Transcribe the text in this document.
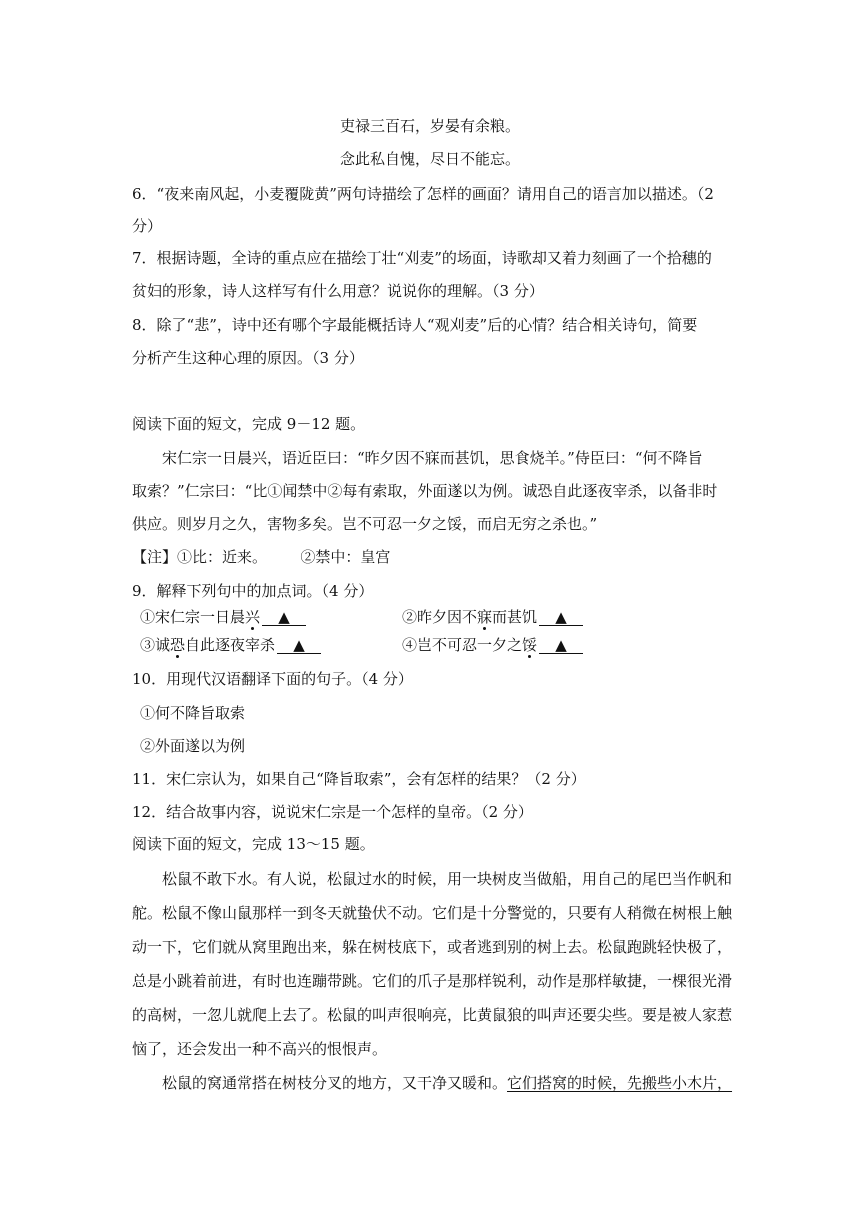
吏禄三百石，岁晏有余粮。
念此私自愧，尽日不能忘。
6．“夜来南风起，小麦覆陇黄”两句诗描绘了怎样的画面？请用自己的语言加以描述。（2
分）
7．根据诗题，全诗的重点应在描绘丁壮“刈麦”的场面，诗歌却又着力刻画了一个拾穗的
贫妇的形象，诗人这样写有什么用意？说说你的理解。（3 分）
8．除了“悲”，诗中还有哪个字最能概括诗人“观刈麦”后的心情？结合相关诗句，简要
分析产生这种心理的原因。（3 分）
阅读下面的短文，完成 9－12 题。
宋仁宗一日晨兴，语近臣曰：“昨夕因不寐而甚饥，思食烧羊。”侍臣曰：“何不降旨
取索？”仁宗曰：“比①闻禁中②每有索取，外面遂以为例。诚恐自此逐夜宰杀，以备非时
供应。则岁月之久，害物多矣。岂不可忍一夕之馁，而启无穷之杀也。”
【注】①比：近来。       ②禁中：皇宫
9．解释下列句中的加点词。（4 分）
①宋仁宗一日晨兴 ▲	②昨夕因不寐而甚饥 ▲
③诚恐自此逐夜宰杀 ▲	④岂不可忍一夕之馁 ▲
10．用现代汉语翻译下面的句子。（4 分）
①何不降旨取索
②外面遂以为例
11．宋仁宗认为，如果自己“降旨取索”，会有怎样的结果？（2 分）
12．结合故事内容，说说宋仁宗是一个怎样的皇帝。（2 分）
阅读下面的短文，完成 13～15 题。
松鼠不敢下水。有人说，松鼠过水的时候，用一块树皮当做船，用自己的尾巴当作帆和
舵。松鼠不像山鼠那样一到冬天就蛰伏不动。它们是十分警觉的，只要有人稍微在树根上触
动一下，它们就从窝里跑出来，躲在树枝底下，或者逃到别的树上去。松鼠跑跳轻快极了，
总是小跳着前进，有时也连蹦带跳。它们的爪子是那样锐利，动作是那样敏捷，一棵很光滑
的高树，一忽儿就爬上去了。松鼠的叫声很响亮，比黄鼠狼的叫声还要尖些。要是被人家惹
恼了，还会发出一种不高兴的恨恨声。
松鼠的窝通常搭在树枝分叉的地方，又干净又暖和。它们搭窝的时候，先搬些小木片，
